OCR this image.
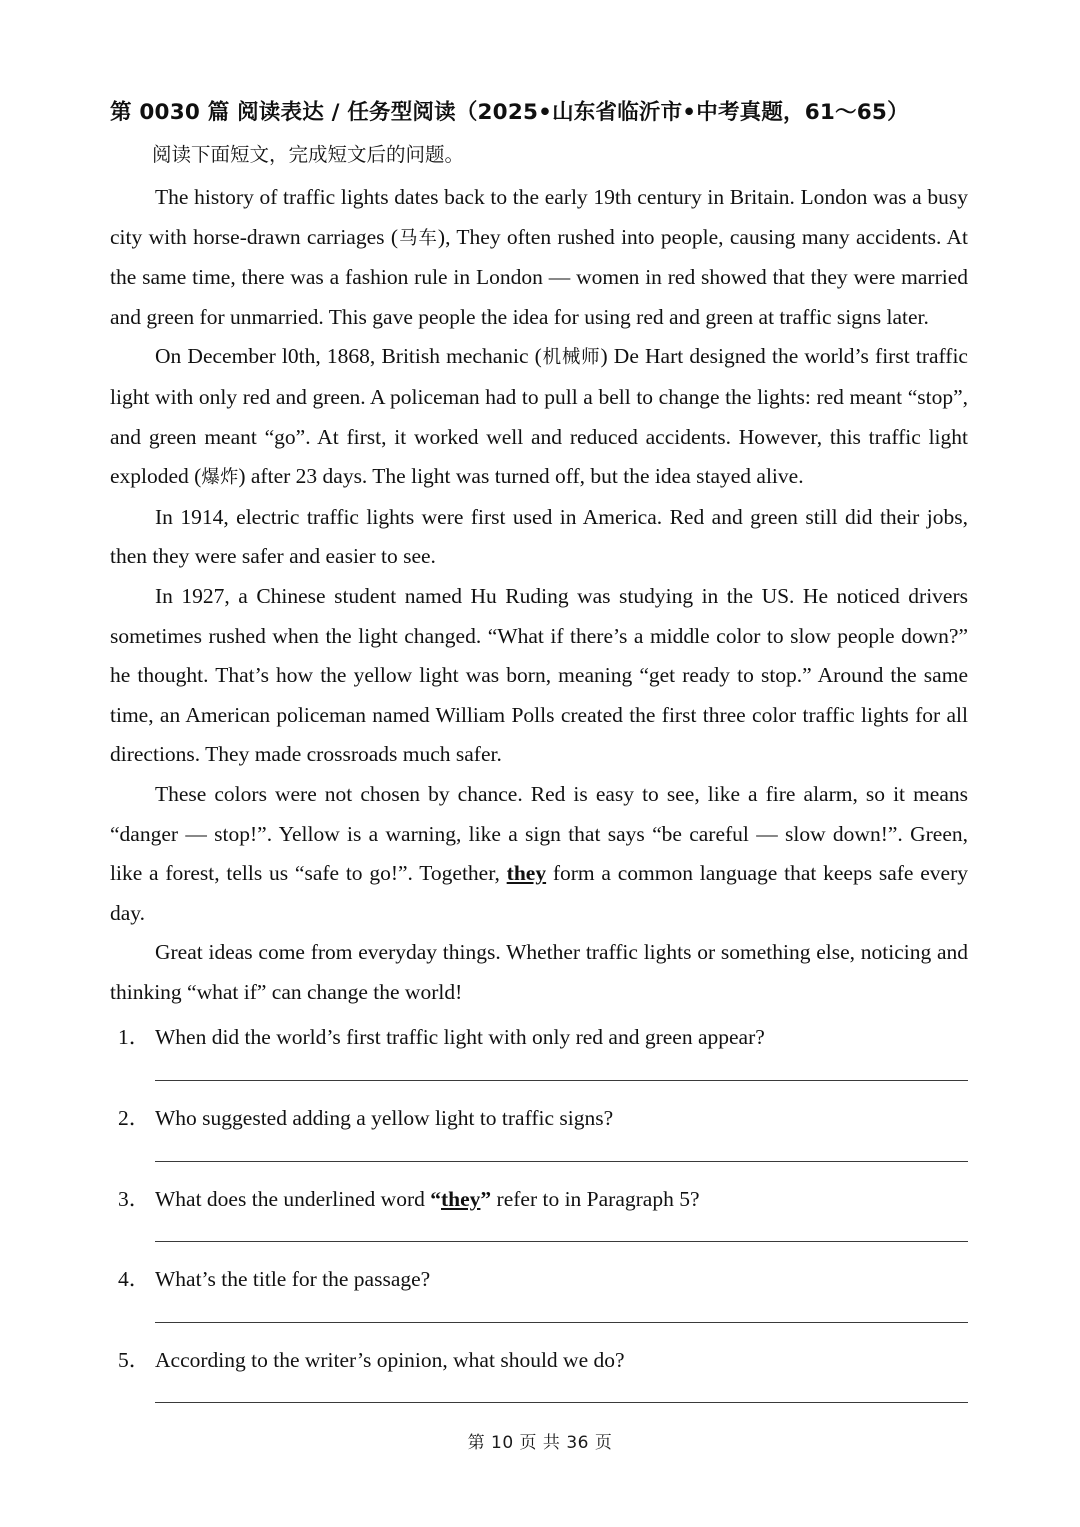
第 0030 篇 阅读表达 / 任务型阅读（2025•山东省临沂市•中考真题，61～65）

阅读下面短文，完成短文后的问题。

The history of traffic lights dates back to the early 19th century in Britain. London was a busy city with horse-drawn carriages (马车), They often rushed into people, causing many accidents. At the same time, there was a fashion rule in London — women in red showed that they were married and green for unmarried. This gave people the idea for using red and green at traffic signs later.

On December l0th, 1868, British mechanic (机械师) De Hart designed the world’s first traffic light with only red and green. A policeman had to pull a bell to change the lights: red meant “stop”, and green meant “go”. At first, it worked well and reduced accidents. However, this traffic light exploded (爆炸) after 23 days. The light was turned off, but the idea stayed alive.

In 1914, electric traffic lights were first used in America. Red and green still did their jobs, then they were safer and easier to see.

In 1927, a Chinese student named Hu Ruding was studying in the US. He noticed drivers sometimes rushed when the light changed. “What if there’s a middle color to slow people down?” he thought. That’s how the yellow light was born, meaning “get ready to stop.” Around the same time, an American policeman named William Polls created the first three color traffic lights for all directions. They made crossroads much safer.

These colors were not chosen by chance. Red is easy to see, like a fire alarm, so it means “danger — stop!”. Yellow is a warning, like a sign that says “be careful — slow down!”. Green, like a forest, tells us “safe to go!”. Together, they form a common language that keeps safe every day.

Great ideas come from everyday things. Whether traffic lights or something else, noticing and thinking “what if” can change the world!

1． When did the world’s first traffic light with only red and green appear?
2． Who suggested adding a yellow light to traffic signs?
3． What does the underlined word “they” refer to in Paragraph 5?
4． What’s the title for the passage?
5． According to the writer’s opinion, what should we do?
第 10 页 共 36 页
